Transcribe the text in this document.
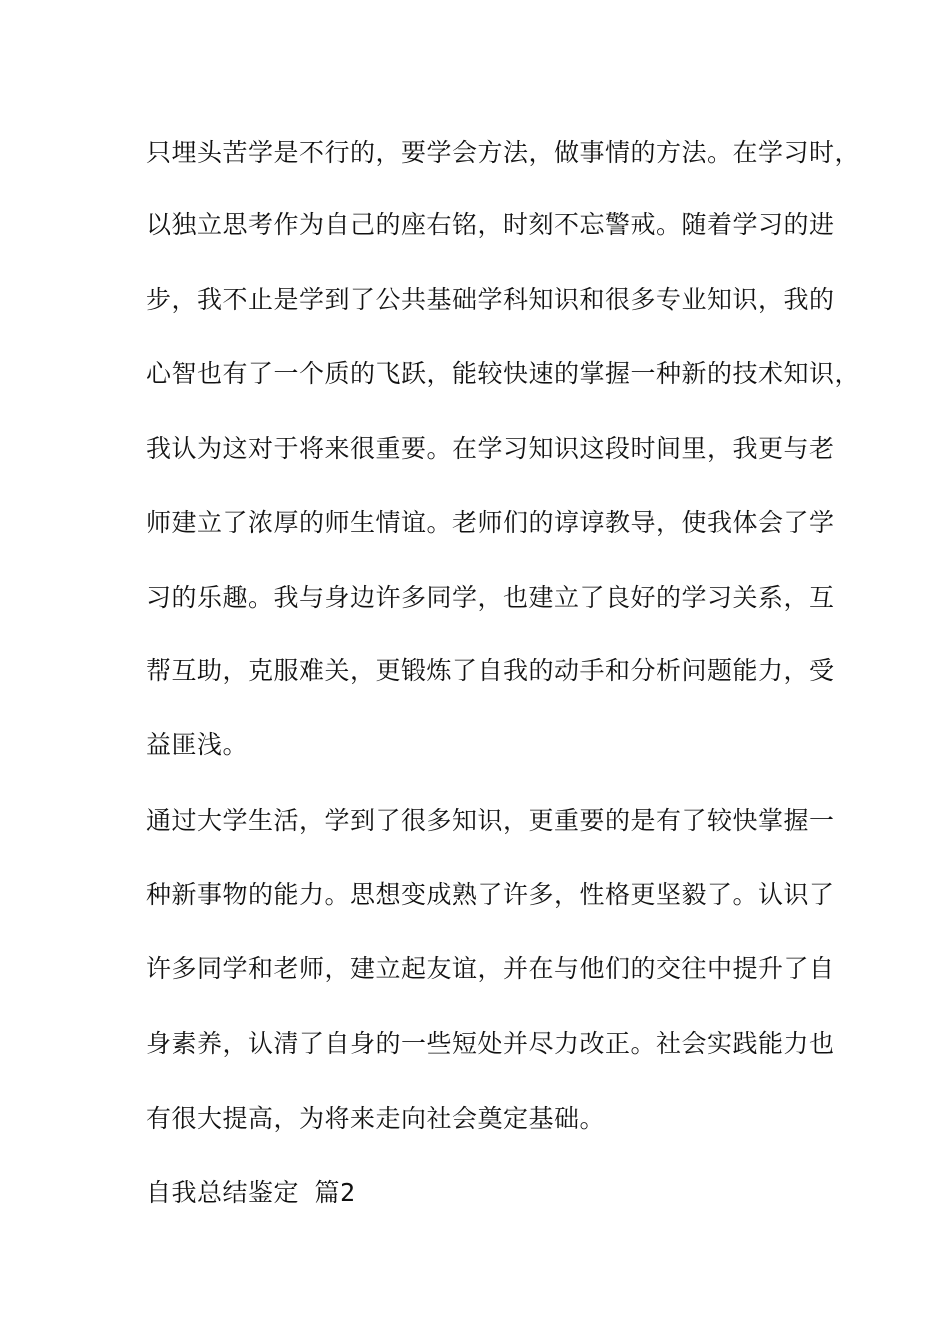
只埋头苦学是不行的，要学会方法，做事情的方法。在学习时，
以独立思考作为自己的座右铭，时刻不忘警戒。随着学习的进
步，我不止是学到了公共基础学科知识和很多专业知识，我的
心智也有了一个质的飞跃，能较快速的掌握一种新的技术知识，
我认为这对于将来很重要。在学习知识这段时间里，我更与老
师建立了浓厚的师生情谊。老师们的谆谆教导，使我体会了学
习的乐趣。我与身边许多同学，也建立了良好的学习关系，互
帮互助，克服难关，更锻炼了自我的动手和分析问题能力，受
益匪浅。
通过大学生活，学到了很多知识，更重要的是有了较快掌握一
种新事物的能力。思想变成熟了许多，性格更坚毅了。认识了
许多同学和老师，建立起友谊，并在与他们的交往中提升了自
身素养，认清了自身的一些短处并尽力改正。社会实践能力也
有很大提高，为将来走向社会奠定基础。
自我总结鉴定 篇2
